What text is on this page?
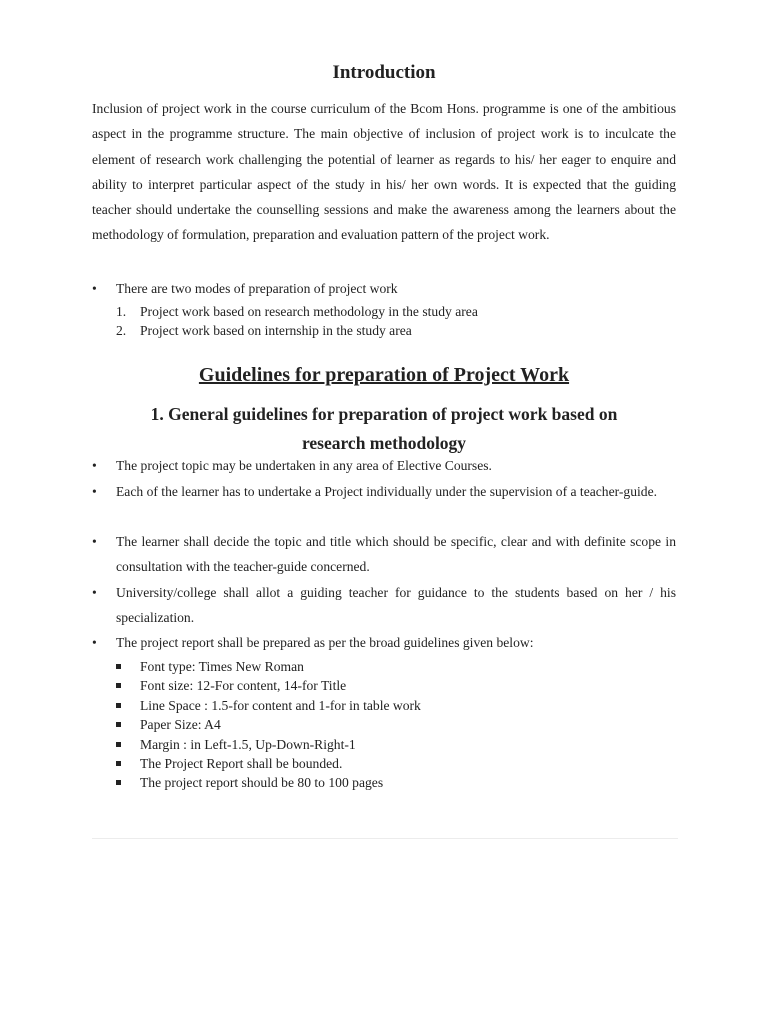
Introduction

Inclusion of project work in the course curriculum of the Bcom Hons. programme is one of the ambitious aspect in the programme structure. The main objective of inclusion of project work is to inculcate the element of research work challenging the potential of learner as regards to his/ her eager to enquire and ability to interpret particular aspect of the study in his/ her own words. It is expected that the guiding teacher should undertake the counselling sessions and make the awareness among the learners about the methodology of formulation, preparation and evaluation pattern of the project work.

•	There are two modes of preparation of project work
1.	Project work based on research methodology in the study area
2.	Project work based on internship in the study area
Guidelines for preparation of Project Work
1. General guidelines for preparation of project work based on
research methodology
•	The project topic may be undertaken in any area of Elective Courses.
•	Each of the learner has to undertake a Project individually under the supervision of a teacher-guide.
•	The learner shall decide the topic and title which should be specific, clear and with definite scope in consultation with the teacher-guide concerned.
•	University/college shall allot a guiding teacher for guidance to the students based on her / his specialization.
•	The project report shall be prepared as per the broad guidelines given below:
Font type: Times New Roman
Font size: 12-For content, 14-for Title
Line Space : 1.5-for content and 1-for in table work
Paper Size: A4
Margin : in Left-1.5, Up-Down-Right-1
The Project Report shall be bounded.
The project report should be 80 to 100 pages
